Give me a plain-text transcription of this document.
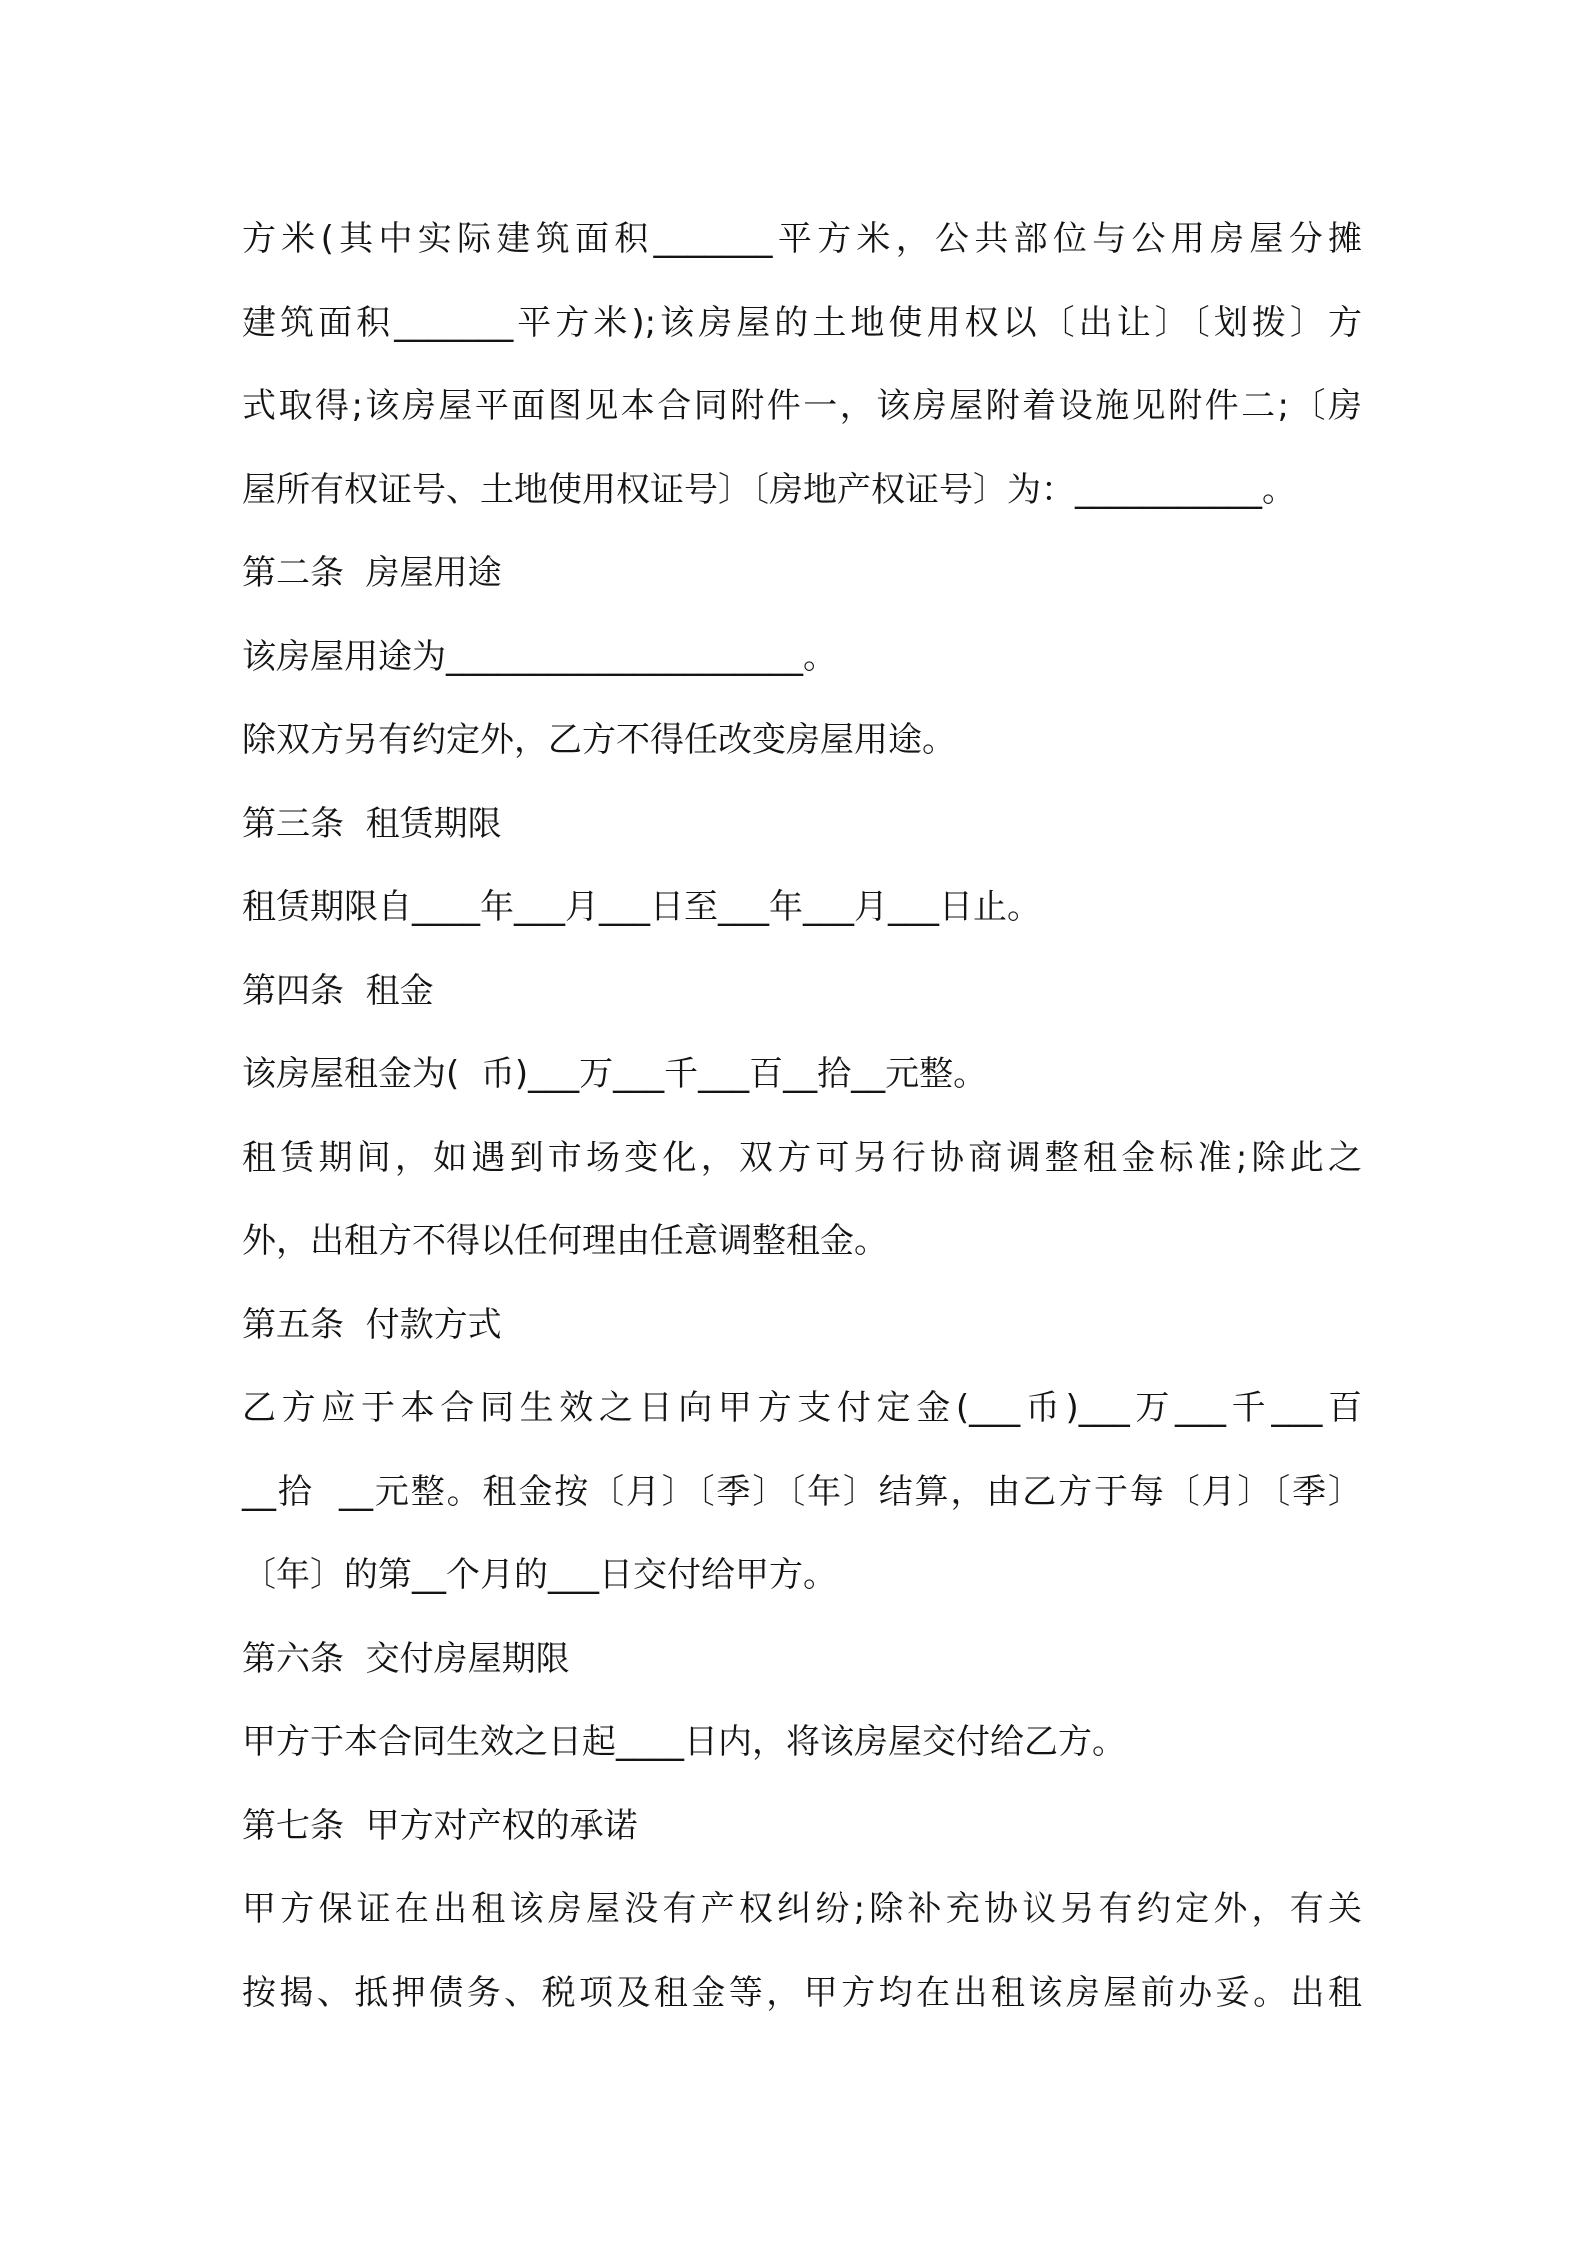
方米(其中实际建筑面积_______平方米，公共部位与公用房屋分摊
建筑面积_______平方米);该房屋的土地使用权以〔出让〕〔划拨〕方
式取得;该房屋平面图见本合同附件一，该房屋附着设施见附件二;〔房
屋所有权证号、土地使用权证号〕〔房地产权证号〕为：___________。
第二条  房屋用途
该房屋用途为_____________________。
除双方另有约定外，乙方不得任改变房屋用途。
第三条  租赁期限
租赁期限自____年___月___日至___年___月___日止。
第四条  租金
该房屋租金为(  币)___万___千___百__拾__元整。
租赁期间，如遇到市场变化，双方可另行协商调整租金标准;除此之
外，出租方不得以任何理由任意调整租金。
第五条  付款方式
乙方应于本合同生效之日向甲方支付定金(___币)___万___千___百
__拾  __元整。租金按〔月〕〔季〕〔年〕结算，由乙方于每〔月〕〔季〕
〔年〕的第__个月的___日交付给甲方。
第六条  交付房屋期限
甲方于本合同生效之日起____日内，将该房屋交付给乙方。
第七条  甲方对产权的承诺
甲方保证在出租该房屋没有产权纠纷;除补充协议另有约定外，有关
按揭、抵押债务、税项及租金等，甲方均在出租该房屋前办妥。出租
